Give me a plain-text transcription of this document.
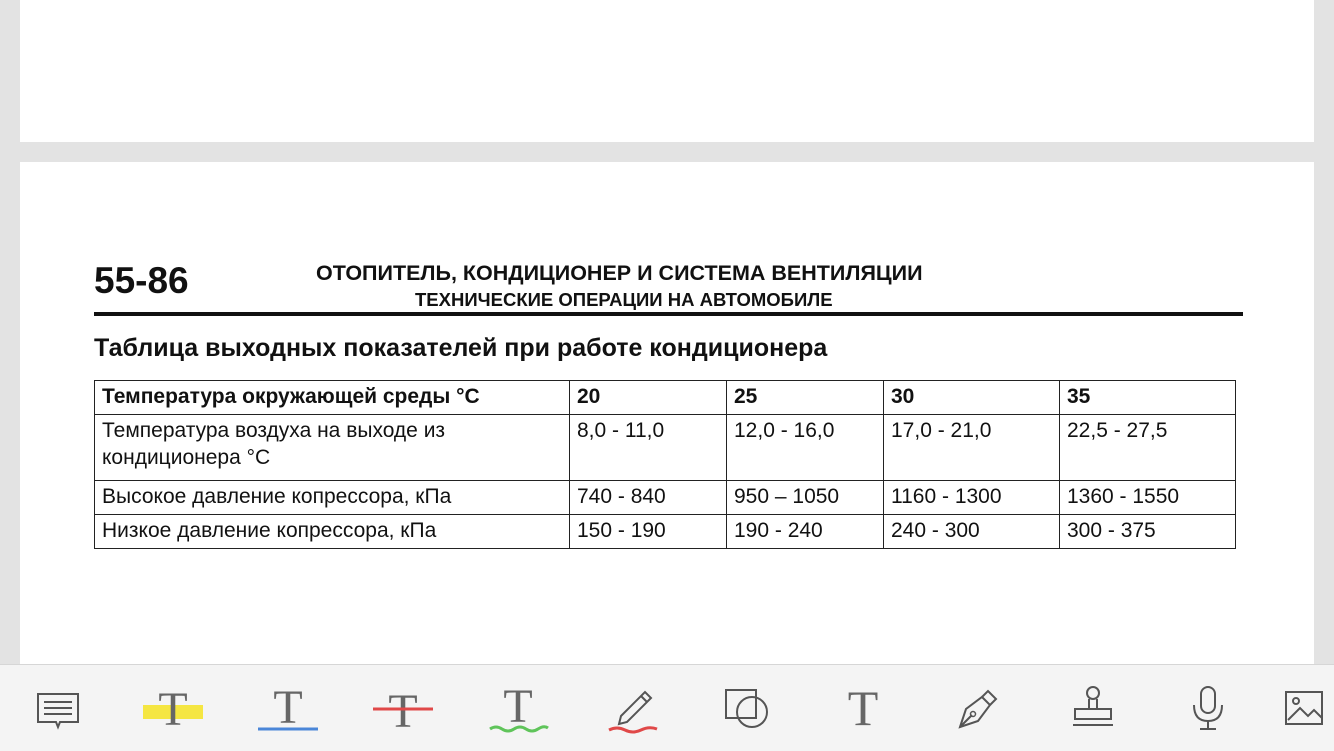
55-86	ОТОПИТЕЛЬ, КОНДИЦИОНЕР И СИСТЕМА ВЕНТИЛЯЦИИ
ТЕХНИЧЕСКИЕ ОПЕРАЦИИ НА АВТОМОБИЛЕ
Таблица выходных показателей при работе кондиционера
Температура окружающей среды °C	20	25	30	35
Температура воздуха на выходе из кондиционера °C	8,0 - 11,0	12,0 - 16,0	17,0 - 21,0	22,5 - 27,5
Высокое давление копрессора, кПа	740 - 840	950 – 1050	1160 - 1300	1360 - 1550
Низкое давление копрессора, кПа	150 - 190	190 - 240	240 - 300	300 - 375
T T T T	T
